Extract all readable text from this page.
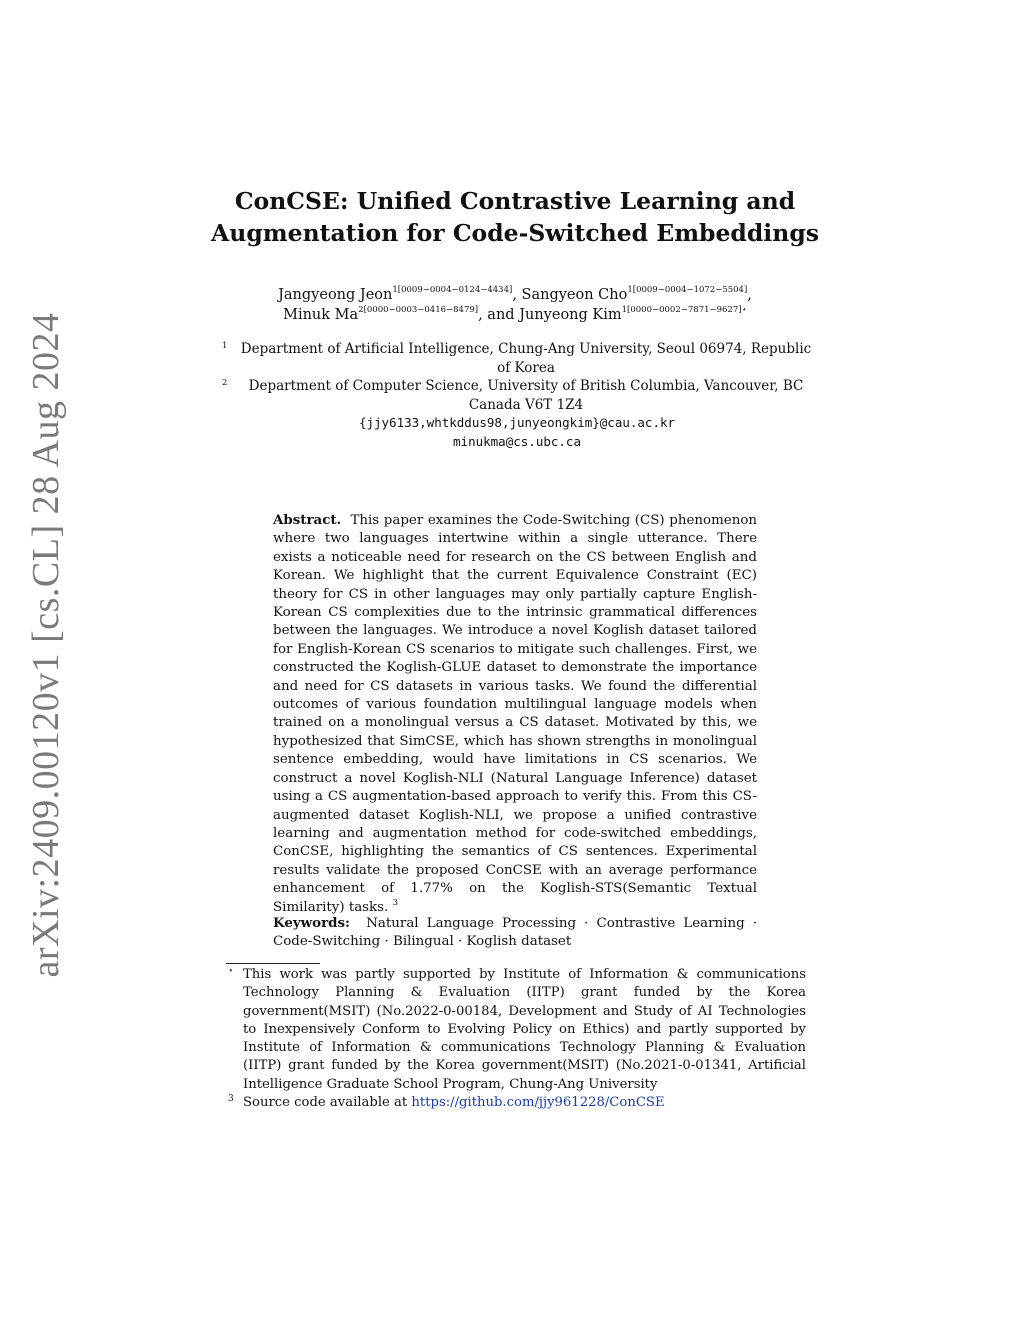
arXiv:2409.00120v1 [cs.CL] 28 Aug 2024
ConCSE: Unified Contrastive Learning and
Augmentation for Code-Switched Embeddings
Jangyeong Jeon$^{1[0009-0004-0124-4434]}$, Sangyeon Cho$^{1[0009-0004-1072-5504]}$,
Minuk $Ma^{2[0000-0003-0416-8479]}$, and Junyeong Kim$^{1[0000-0002-7871-9627]⋆}$
1 Department of Artificial Intelligence, Chung-Ang University, Seoul 06974, Republic of Korea
2	Department of Computer Science, University of British Columbia, Vancouver, BC Canada V6T 1Z4
{jjy6133,whtkddus98,junyeongkim}@cau.ac.kr
minukma@cs.ubc.ca
Abstract. This paper examines the Code-Switching (CS) phenomenon where two languages intertwine within a single utterance. There exists a noticeable need for research on the CS between English and Korean. We highlight that the current Equivalence Constraint (EC) theory for CS in other languages may only partially capture English-Korean CS complexities due to the intrinsic grammatical differences between the languages. We introduce a novel Koglish dataset tailored for English-Korean CS scenarios to mitigate such challenges. First, we constructed the Koglish-GLUE dataset to demonstrate the importance and need for CS datasets in various tasks. We found the differential outcomes of various foundation multilingual language models when trained on a monolingual versus a CS dataset. Motivated by this, we hypothesized that SimCSE, which has shown strengths in monolingual sentence embedding, would have limitations in CS scenarios. We construct a novel Koglish-NLI (Natural Language Inference) dataset using a CS augmentation-based approach to verify this. From this CS-augmented dataset Koglish-NLI, we propose a unified contrastive learning and augmentation method for code-switched embeddings, ConCSE, highlighting the semantics of CS sentences. Experimental results validate the proposed ConCSE with an average performance enhancement of 1.77% on the Koglish-STS(Semantic Textual Similarity) tasks. $^3$
Keywords: Natural Language Processing · Contrastive Learning · Code-Switching · Bilingual · Koglish dataset
⋆ This work was partly supported by Institute of Information & communications Technology Planning & Evaluation (IITP) grant funded by the Korea government(MSIT) (No.2022-0-00184, Development and Study of AI Technologies to Inexpensively Conform to Evolving Policy on Ethics) and partly supported by Institute of Information & communications Technology Planning & Evaluation (IITP) grant funded by the Korea government(MSIT) (No.2021-0-01341, Artificial Intelligence Graduate School Program, Chung-Ang University
3 Source code available at https://github.com/jjy961228/ConCSE
